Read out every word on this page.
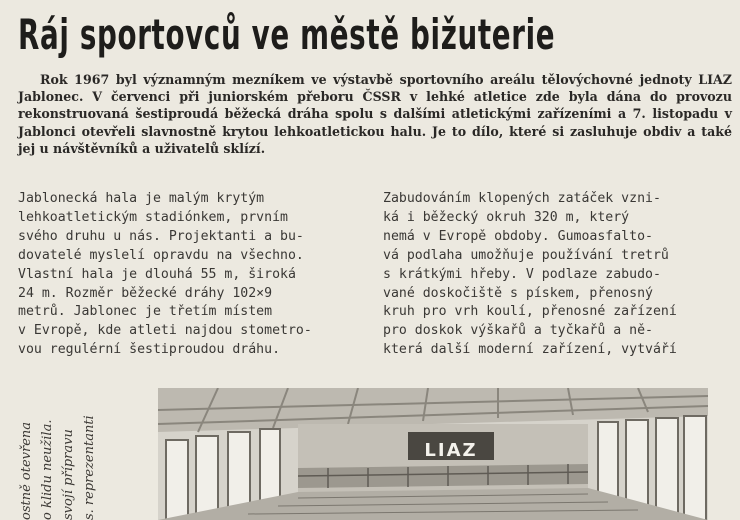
Ráj sportovců ve městě bižuterie
Rok 1967 byl významným mezníkem ve výstavbě sportovního areálu tělovýchovné jednoty LIAZ Jablonec. V červenci při juniorském přeboru ČSSR v lehké atletice zde byla dána do provozu rekonstruovaná šestiproudá běžecká dráha spolu s dalšími atletickými zařízeními a 7. listopadu v Jablonci otevřeli slavnostně krytou lehkoatletickou halu. Je to dílo, které si zasluhuje obdiv a také jej u návštěvníků a uživatelů sklízí.
Jablonecká hala je malým krytým
lehkoatletickým stadiónkem, prvním
svého druhu u nás. Projektanti a bu-
dovatelé myslelí opravdu na všechno.
Vlastní hala je dlouhá 55 m, široká
24 m. Rozměr běžecké dráhy 102×9
metrů. Jablonec je třetím místem
v Evropě, kde atleti najdou stometro-
vou regulérní šestiproudou dráhu.
Zabudováním klopených zatáček vzni-
ká i běžecký okruh 320 m, který
nemá v Evropě obdoby. Gumoasfalto-
vá podlaha umožňuje používání tretrů
s krátkými hřeby. V podlaze zabudo-
vané doskočiště s pískem, přenosný
kruh pro vrh koulí, přenosné zařízení
pro doskok výškařů a tyčkařů a ně-
která další moderní zařízení, vytváří
ostně otevřena o klidu neužila. svojí přípravu s. reprezentanti	LIAZ
